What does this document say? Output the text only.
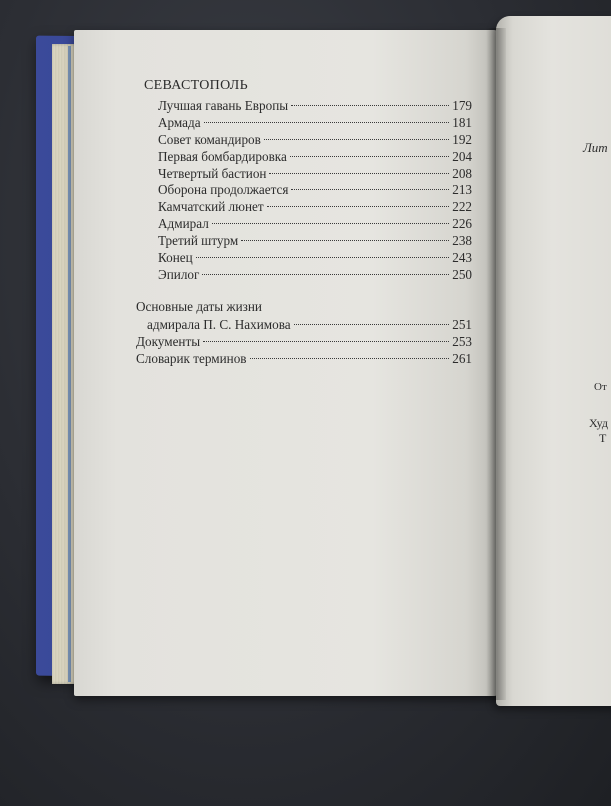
СЕВАСТОПОЛЬ
Лучшая гавань Европы	179
Армада	181
Совет командиров	192
Первая бомбардировка	204
Четвертый бастион	208
Оборона продолжается	213
Камчатский люнет	222
Адмирал	226
Третий штурм	238
Конец	243
Эпилог	250
Основные даты жизни
адмирала П. С. Нахимова	251
Документы	253
Словарик терминов	261
Лит
От
Худ
Т
